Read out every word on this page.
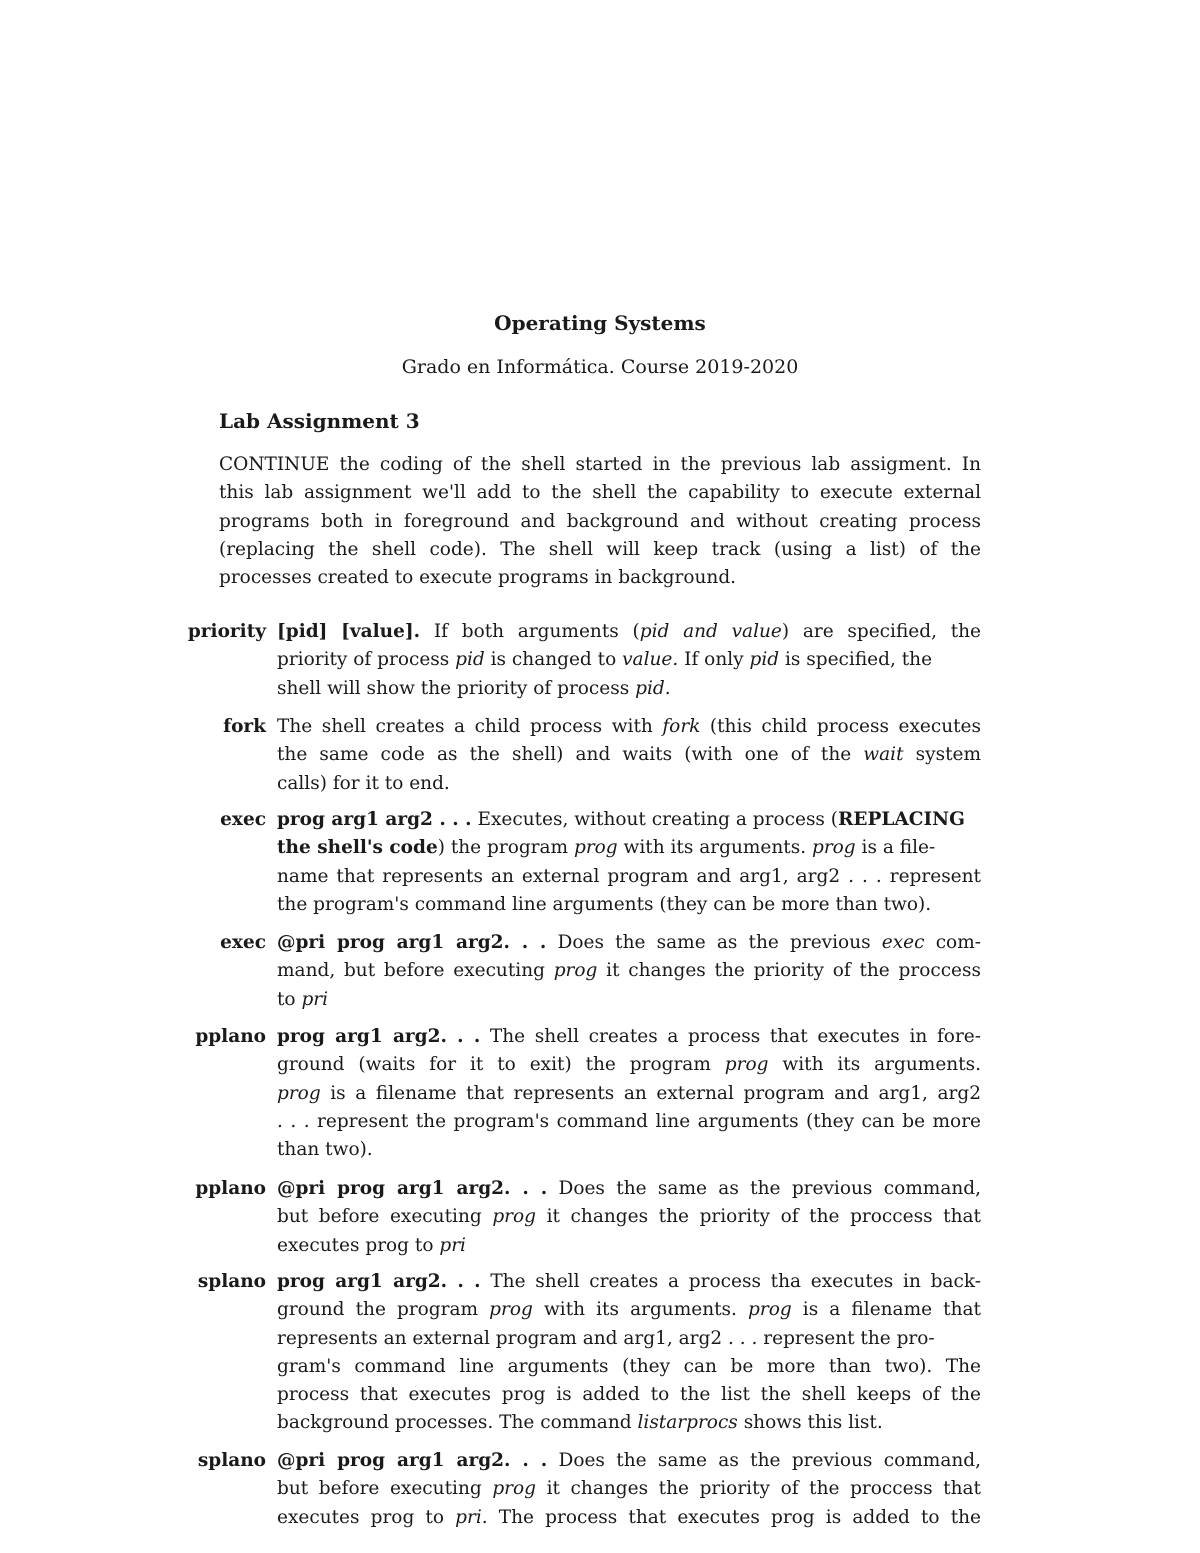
Operating Systems
Grado en Informática. Course 2019-2020
Lab Assignment 3
CONTINUE the coding of the shell started in the previous lab assigment. In
this lab assignment we'll add to the shell the capability to execute external
programs both in foreground and background and without creating process
(replacing the shell code). The shell will keep track (using a list) of the
processes created to execute programs in background.
priority [pid] [value]. If both arguments (pid and value) are specified, the
priority of process pid is changed to value. If only pid is specified, the
shell will show the priority of process pid.
fork The shell creates a child process with fork (this child process executes
the same code as the shell) and waits (with one of the wait system
calls) for it to end.
exec prog arg1 arg2 . . . Executes, without creating a process (REPLACING
the shell's code) the program prog with its arguments. prog is a file-
name that represents an external program and arg1, arg2 . . . represent
the program's command line arguments (they can be more than two).
exec @pri prog arg1 arg2. . . Does the same as the previous exec com-
mand, but before executing prog it changes the priority of the proccess
to pri
pplano prog arg1 arg2. . . The shell creates a process that executes in fore-
ground (waits for it to exit) the program prog with its arguments.
prog is a filename that represents an external program and arg1, arg2
. . . represent the program's command line arguments (they can be more
than two).
pplano @pri prog arg1 arg2. . . Does the same as the previous command,
but before executing prog it changes the priority of the proccess that
executes prog to pri
splano prog arg1 arg2. . . The shell creates a process tha executes in back-
ground the program prog with its arguments. prog is a filename that
represents an external program and arg1, arg2 . . . represent the pro-
gram's command line arguments (they can be more than two). The
process that executes prog is added to the list the shell keeps of the
background processes. The command listarprocs shows this list.
splano @pri prog arg1 arg2. . . Does the same as the previous command,
but before executing prog it changes the priority of the proccess that
executes prog to pri. The process that executes prog is added to the
